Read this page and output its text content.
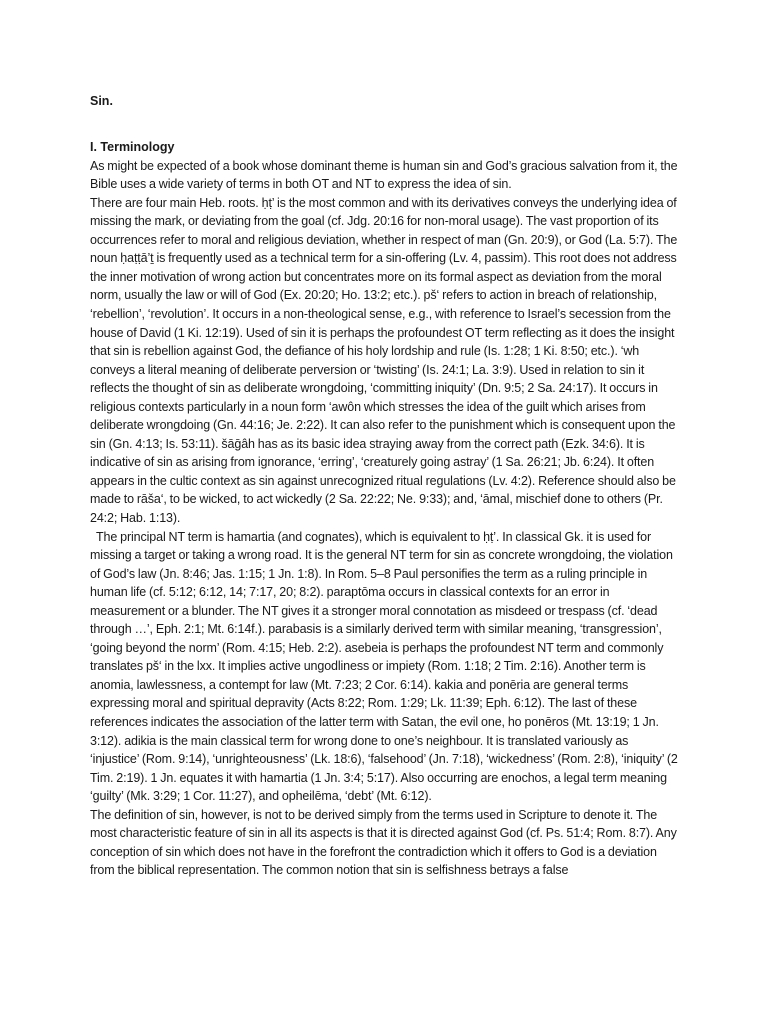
Sin.

I. Terminology

As might be expected of a book whose dominant theme is human sin and God’s gracious salvation from it, the Bible uses a wide variety of terms in both OT and NT to express the idea of sin.

There are four main Heb. roots. ḥṭ’ is the most common and with its derivatives conveys the underlying idea of missing the mark, or deviating from the goal (cf. Jdg. 20:16 for non-moral usage). The vast proportion of its occurrences refer to moral and religious deviation, whether in respect of man (Gn. 20:9), or God (La. 5:7). The noun ḥaṭṭā’ṯ is frequently used as a technical term for a sin-offering (Lv. 4, passim). This root does not address the inner motivation of wrong action but concentrates more on its formal aspect as deviation from the moral norm, usually the law or will of God (Ex. 20:20; Ho. 13:2; etc.). pš‘ refers to action in breach of relationship, ‘rebellion’, ‘revolution’. It occurs in a non-theological sense, e.g., with reference to Israel’s secession from the house of David (1 Ki. 12:19). Used of sin it is perhaps the profoundest OT term reflecting as it does the insight that sin is rebellion against God, the defiance of his holy lordship and rule (Is. 1:28; 1 Ki. 8:50; etc.). ‘wh conveys a literal meaning of deliberate perversion or ‘twisting’ (Is. 24:1; La. 3:9). Used in relation to sin it reflects the thought of sin as deliberate wrongdoing, ‘committing iniquity’ (Dn. 9:5; 2 Sa. 24:17). It occurs in religious contexts particularly in a noun form ‘awôn which stresses the idea of the guilt which arises from deliberate wrongdoing (Gn. 44:16; Je. 2:22). It can also refer to the punishment which is consequent upon the sin (Gn. 4:13; Is. 53:11). šāḡâh has as its basic idea straying away from the correct path (Ezk. 34:6). It is indicative of sin as arising from ignorance, ‘erring’, ‘creaturely going astray’ (1 Sa. 26:21; Jb. 6:24). It often appears in the cultic context as sin against unrecognized ritual regulations (Lv. 4:2). Reference should also be made to rāša‘, to be wicked, to act wickedly (2 Sa. 22:22; Ne. 9:33); and, ‘āmal, mischief done to others (Pr. 24:2; Hab. 1:13).

The principal NT term is hamartia (and cognates), which is equivalent to ḥṭ’. In classical Gk. it is used for missing a target or taking a wrong road. It is the general NT term for sin as concrete wrongdoing, the violation of God’s law (Jn. 8:46; Jas. 1:15; 1 Jn. 1:8). In Rom. 5–8 Paul personifies the term as a ruling principle in human life (cf. 5:12; 6:12, 14; 7:17, 20; 8:2). paraptōma occurs in classical contexts for an error in measurement or a blunder. The NT gives it a stronger moral connotation as misdeed or trespass (cf. ‘dead through …’, Eph. 2:1; Mt. 6:14f.). parabasis is a similarly derived term with similar meaning, ‘transgression’, ‘going beyond the norm’ (Rom. 4:15; Heb. 2:2). asebeia is perhaps the profoundest NT term and commonly translates pš‘ in the lxx. It implies active ungodliness or impiety (Rom. 1:18; 2 Tim. 2:16). Another term is anomia, lawlessness, a contempt for law (Mt. 7:23; 2 Cor. 6:14). kakia and ponēria are general terms expressing moral and spiritual depravity (Acts 8:22; Rom. 1:29; Lk. 11:39; Eph. 6:12). The last of these references indicates the association of the latter term with Satan, the evil one, ho ponēros (Mt. 13:19; 1 Jn. 3:12). adikia is the main classical term for wrong done to one’s neighbour. It is translated variously as ‘injustice’ (Rom. 9:14), ‘unrighteousness’ (Lk. 18:6), ‘falsehood’ (Jn. 7:18), ‘wickedness’ (Rom. 2:8), ‘iniquity’ (2 Tim. 2:19). 1 Jn. equates it with hamartia (1 Jn. 3:4; 5:17). Also occurring are enochos, a legal term meaning ‘guilty’ (Mk. 3:29; 1 Cor. 11:27), and opheilēma, ‘debt’ (Mt. 6:12).

The definition of sin, however, is not to be derived simply from the terms used in Scripture to denote it. The most characteristic feature of sin in all its aspects is that it is directed against God (cf. Ps. 51:4; Rom. 8:7). Any conception of sin which does not have in the forefront the contradiction which it offers to God is a deviation from the biblical representation. The common notion that sin is selfishness betrays a false
